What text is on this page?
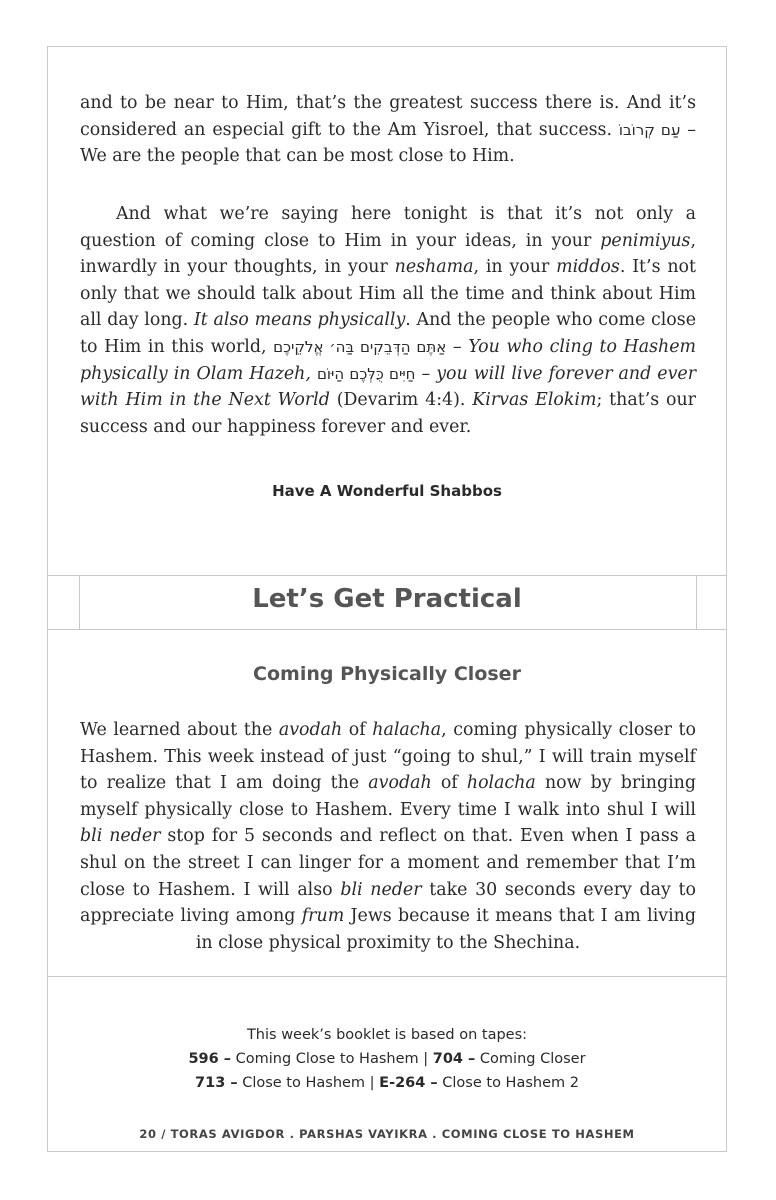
and to be near to Him, that’s the greatest success there is. And it’s considered an especial gift to the Am Yisroel, that success. עַם קְרוֹבוֹ – We are the people that can be most close to Him.

And what we’re saying here tonight is that it’s not only a question of coming close to Him in your ideas, in your penimiyus, inwardly in your thoughts, in your neshama, in your middos. It’s not only that we should talk about Him all the time and think about Him all day long. It also means physically. And the people who come close to Him in this world, אַתֶּם הַדְּבֵקִים בַּה׳ אֱלֹקֵיכֶם – You who cling to Hashem physically in Olam Hazeh, חַיִּים כֻּלְּכֶם הַיּוֹם – you will live forever and ever with Him in the Next World (Devarim 4:4). Kirvas Elokim; that’s our success and our happiness forever and ever.

Have A Wonderful Shabbos
Let’s Get Practical
Coming Physically Closer

We learned about the avodah of halacha, coming physically closer to Hashem. This week instead of just “going to shul,” I will train myself to realize that I am doing the avodah of holacha now by bringing myself physically close to Hashem. Every time I walk into shul I will bli neder stop for 5 seconds and reflect on that. Even when I pass a shul on the street I can linger for a moment and remember that I’m close to Hashem. I will also bli neder take 30 seconds every day to appreciate living among frum Jews because it means that I am living in close physical proximity to the Shechina.

This week’s booklet is based on tapes:
596 – Coming Close to Hashem | 704 – Coming Closer
713 – Close to Hashem | E-264 – Close to Hashem 2
20 / TORAS AVIGDOR . PARSHAS VAYIKRA . COMING CLOSE TO HASHEM
